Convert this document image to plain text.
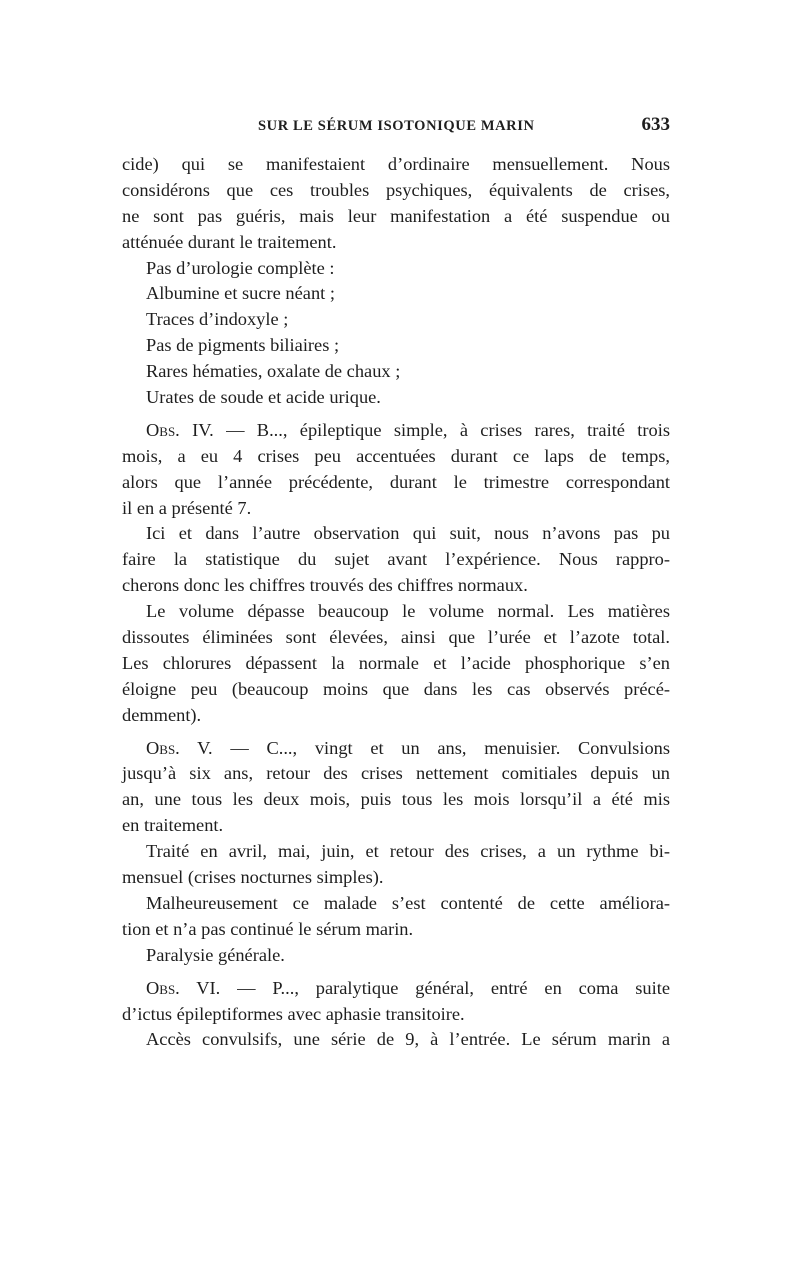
SUR LE SÉRUM ISOTONIQUE MARIN	633
cide) qui se manifestaient d’ordinaire mensuellement. Nous
considérons que ces troubles psychiques, équivalents de crises,
ne sont pas guéris, mais leur manifestation a été suspendue ou
atténuée durant le traitement.
Pas d’urologie complète :
Albumine et sucre néant ;
Traces d’indoxyle ;
Pas de pigments biliaires ;
Rares hématies, oxalate de chaux ;
Urates de soude et acide urique.
Obs. IV. — B..., épileptique simple, à crises rares, traité trois
mois, a eu 4 crises peu accentuées durant ce laps de temps,
alors que l’année précédente, durant le trimestre correspondant
il en a présenté 7.
Ici et dans l’autre observation qui suit, nous n’avons pas pu
faire la statistique du sujet avant l’expérience. Nous rappro-
cherons donc les chiffres trouvés des chiffres normaux.
Le volume dépasse beaucoup le volume normal. Les matières
dissoutes éliminées sont élevées, ainsi que l’urée et l’azote total.
Les chlorures dépassent la normale et l’acide phosphorique s’en
éloigne peu (beaucoup moins que dans les cas observés précé-
demment).
Obs. V. — C..., vingt et un ans, menuisier. Convulsions
jusqu’à six ans, retour des crises nettement comitiales depuis un
an, une tous les deux mois, puis tous les mois lorsqu’il a été mis
en traitement.
Traité en avril, mai, juin, et retour des crises, a un rythme bi-
mensuel (crises nocturnes simples).
Malheureusement ce malade s’est contenté de cette améliora-
tion et n’a pas continué le sérum marin.
Paralysie générale.
Obs. VI. — P..., paralytique général, entré en coma suite
d’ictus épileptiformes avec aphasie transitoire.
Accès convulsifs, une série de 9, à l’entrée. Le sérum marin a
